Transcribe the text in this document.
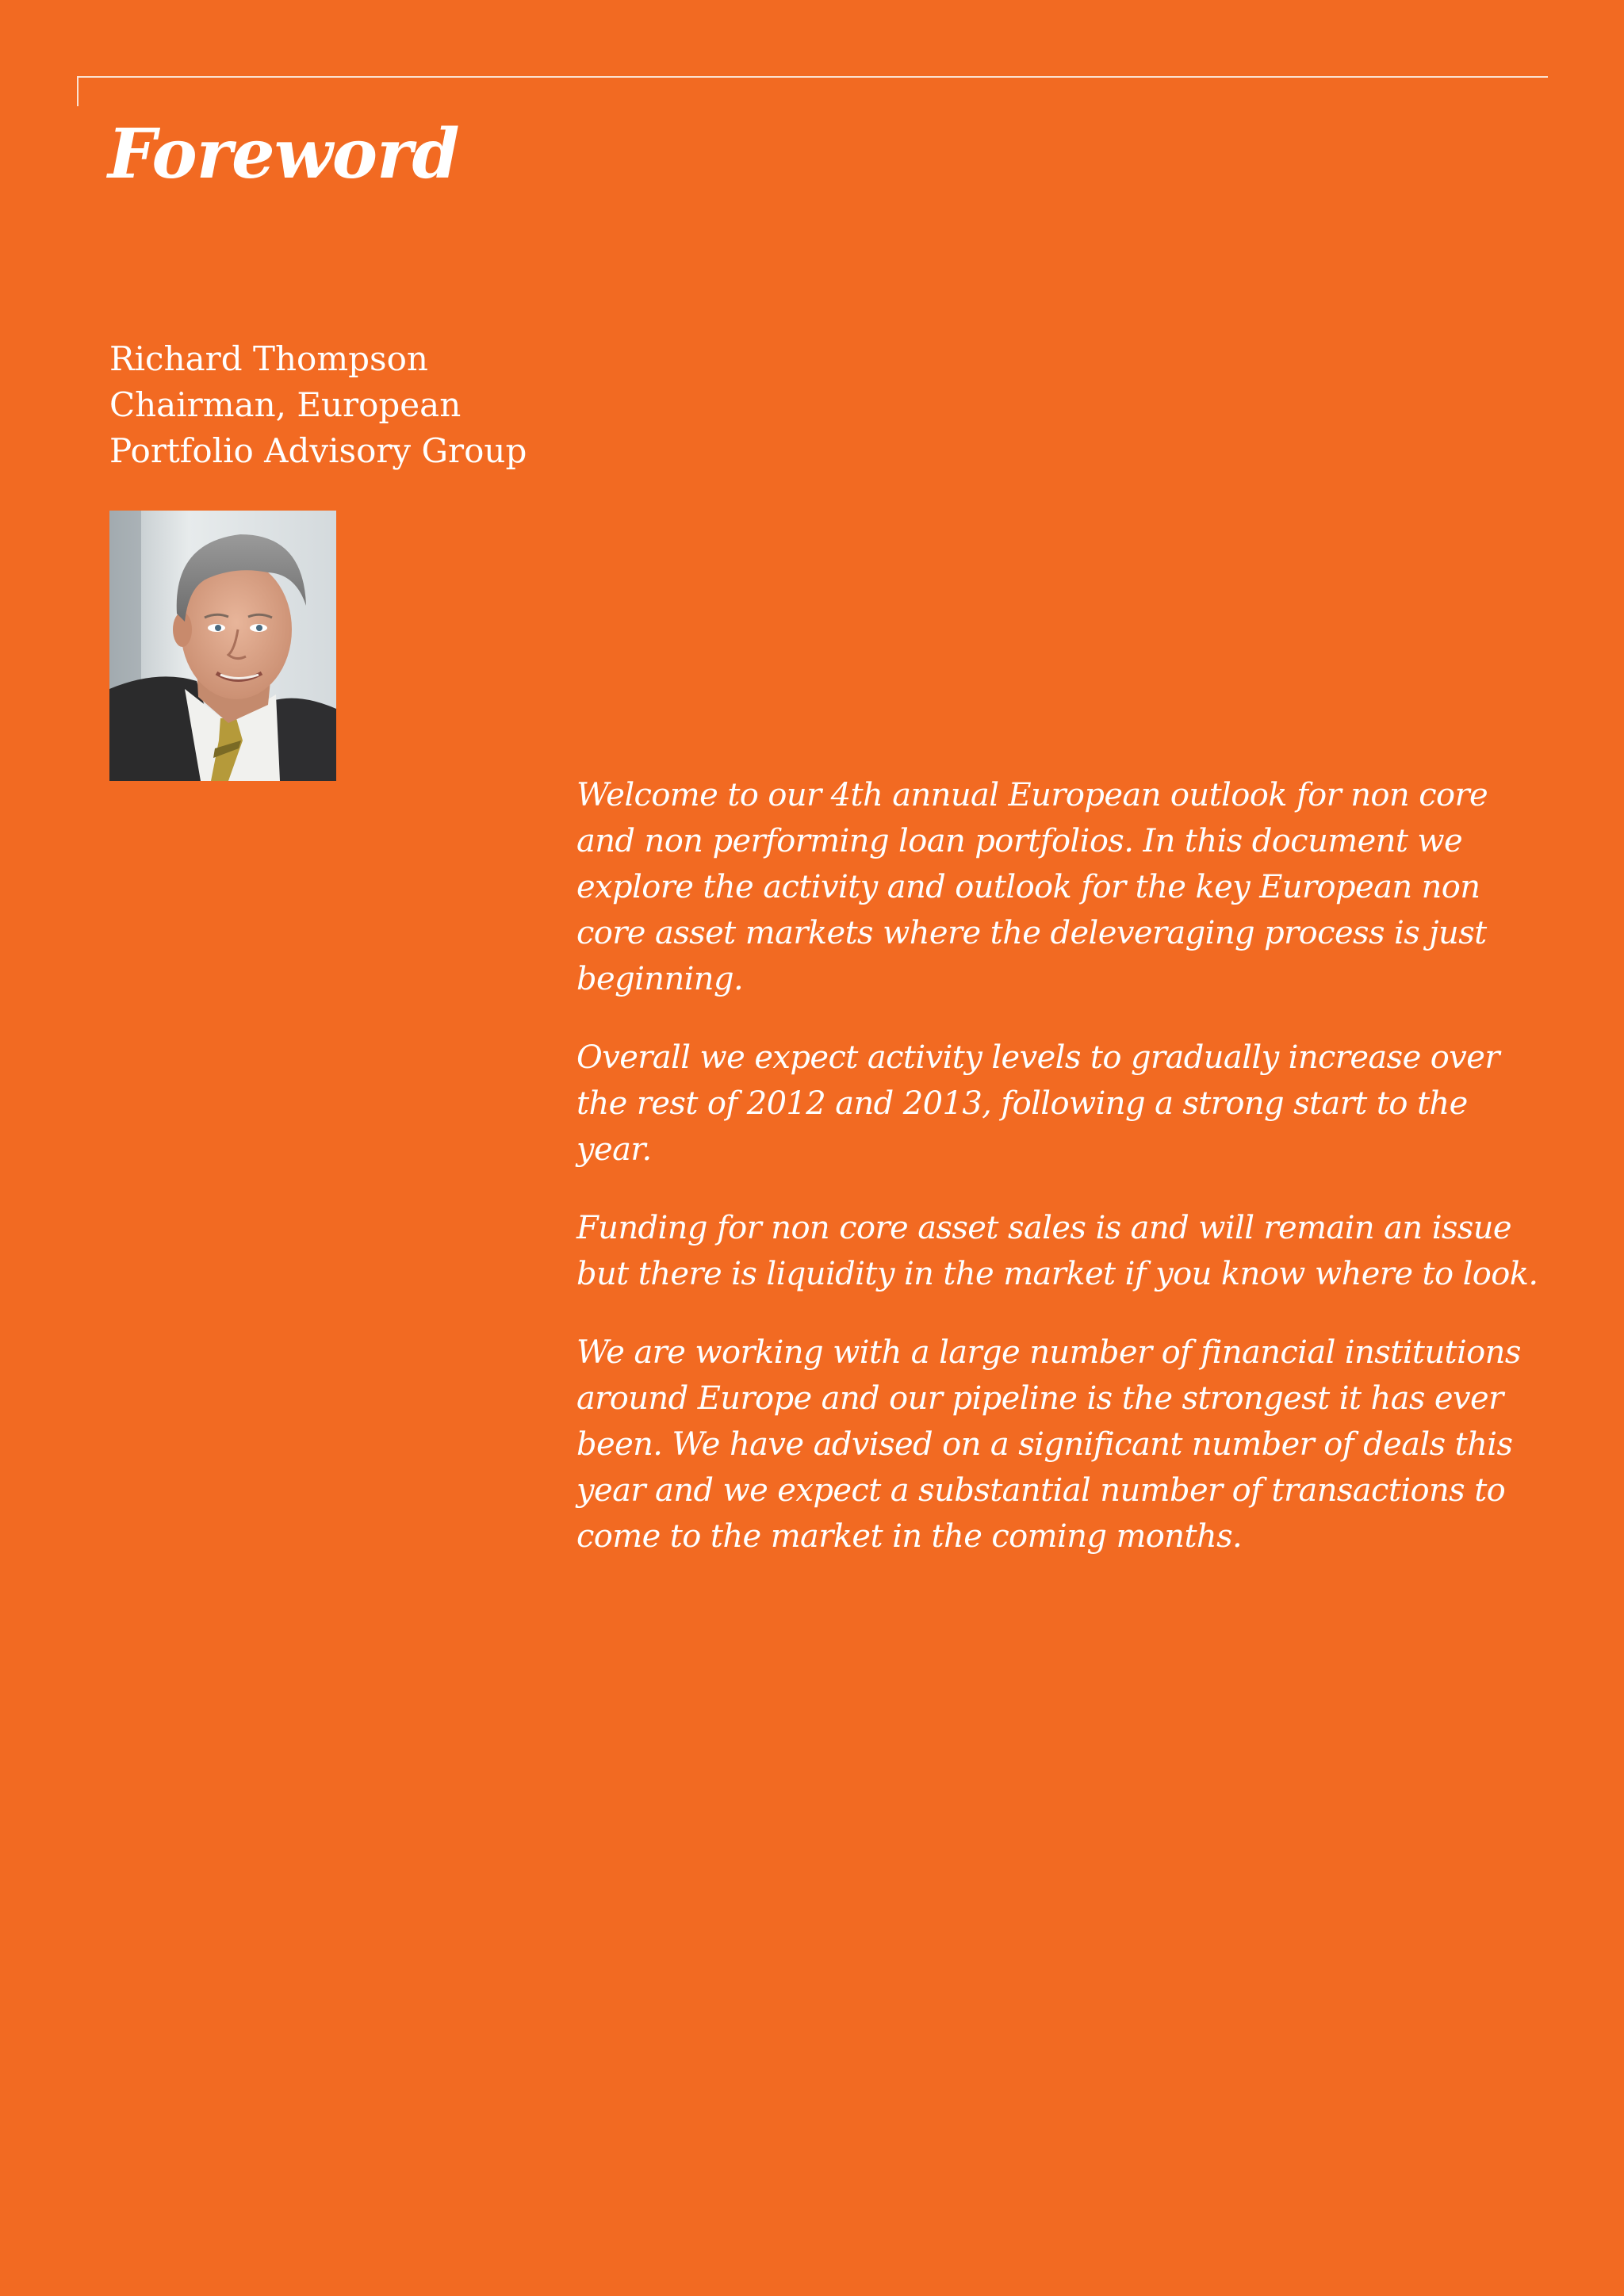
Foreword
Richard Thompson
Chairman, European
Portfolio Advisory Group

Welcome to our 4th annual European outlook for non core and non performing loan portfolios. In this document we explore the activity and outlook for the key European non core asset markets where the deleveraging process is just beginning.

Overall we expect activity levels to gradually increase over the rest of 2012 and 2013, following a strong start to the year.

Funding for non core asset sales is and will remain an issue but there is liquidity in the market if you know where to look.

We are working with a large number of financial institutions around Europe and our pipeline is the strongest it has ever been. We have advised on a significant number of deals this year and we expect a substantial number of transactions to come to the market in the coming months.
